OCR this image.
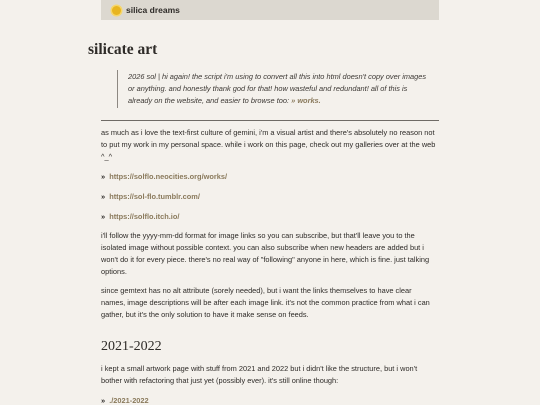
silica dreams
silicate art
2026 sol | hi again! the script i'm using to convert all this into html doesn't copy over images or anything. and honestly thank god for that! how wasteful and redundant! all of this is already on the website, and easier to browse too: » works.

as much as i love the text-first culture of gemini, i'm a visual artist and there's absolutely no reason not to put my work in my personal space. while i work on this page, check out my galleries over at the web ^_^

» https://solflo.neocities.org/works/
» https://sol-flo.tumblr.com/
» https://solflo.itch.io/

i'll follow the yyyy-mm-dd format for image links so you can subscribe, but that'll leave you to the isolated image without possible context. you can also subscribe when new headers are added but i won't do it for every piece. there's no real way of "following" anyone in here, which is fine. just talking options.

since gemtext has no alt attribute (sorely needed), but i want the links themselves to have clear names, image descriptions will be after each image link. it's not the common practice from what i can gather, but it's the only solution to have it make sense on feeds.

2021-2022

i kept a small artwork page with stuff from 2021 and 2022 but i didn't like the structure, but i won't bother with refactoring that just yet (possibly ever). it's still online though:

» ./2021-2022
